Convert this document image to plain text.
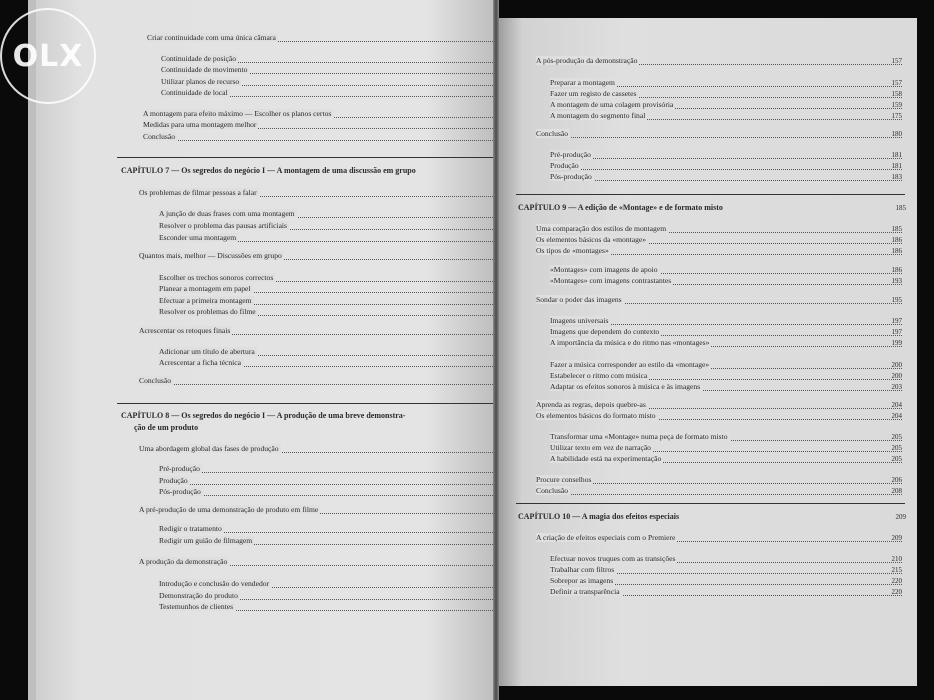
Criar continuidade com uma única câmara
Continuidade de posição
Continuidade de movimento
Utilizar planos de recurso
Continuidade de local
A montagem para efeito máximo — Escolher os planos certos
Medidas para uma montagem melhor
Conclusão
Os problemas de filmar pessoas a falar
A junção de duas frases com uma montagem
Resolver o problema das pausas artificiais
Esconder uma montagem
Quantos mais, melhor — Discussões em grupo
Escolher os trechos sonoros correctos
Planear a montagem em papel
Efectuar a primeira montagem
Resolver os problemas do filme
Acrescentar os retoques finais
Adicionar um título de abertura
Acrescentar a ficha técnica
Conclusão
Uma abordagem global das fases de produção
Pré-produção
Produção
Pós-produção
A pré-produção de uma demonstração de produto em filme
Redigir o tratamento
Redigir um guião de filmagem
A produção da demonstração
Introdução e conclusão do vendedor
Demonstração do produto
Testemunhos de clientes
CAPÍTULO 7 — Os segredos do negócio I — A montagem de uma discussão em grupo
CAPÍTULO 8 — Os segredos do negócio I — A produção de uma breve demonstra-
ção de um produto
A pós-produção da demonstração	157
Preparar a montagem	157
Fazer um registo de cassetes	158
A montagem de uma colagem provisória	159
A montagem do segmento final	175
Conclusão	180
Pré-produção	181
Produção	181
Pós-produção	183
Uma comparação dos estilos de montagem	185
Os elementos básicos da «montage»	186
Os tipos de «montages»	186
«Montages» com imagens de apoio	186
«Montages» com imagens contrastantes	193
Sondar o poder das imagens	195
Imagens universais	197
Imagens que dependem do contexto	197
A importância da música e do ritmo nas «montages»	199
Fazer a música corresponder ao estilo da «montage»	200
Estabelecer o ritmo com música	200
Adaptar os efeitos sonoros à música e às imagens	203
Aprenda as regras, depois quebre-as	204
Os elementos básicos do formato misto	204
Transformar uma «Montage» numa peça de formato misto	205
Utilizar texto em vez de narração	205
A habilidade está na experimentação	205
Procure conselhos	206
Conclusão	208
A criação de efeitos especiais com o Premiere	209
Efectuar novos truques com as transições	210
Trabalhar com filtros	215
Sobrepor as imagens	220
Definir a transparência	220
CAPÍTULO 9 — A edição de «Montage» e de formato misto	185
CAPÍTULO 10 — A magia dos efeitos especiais	209
OLX
